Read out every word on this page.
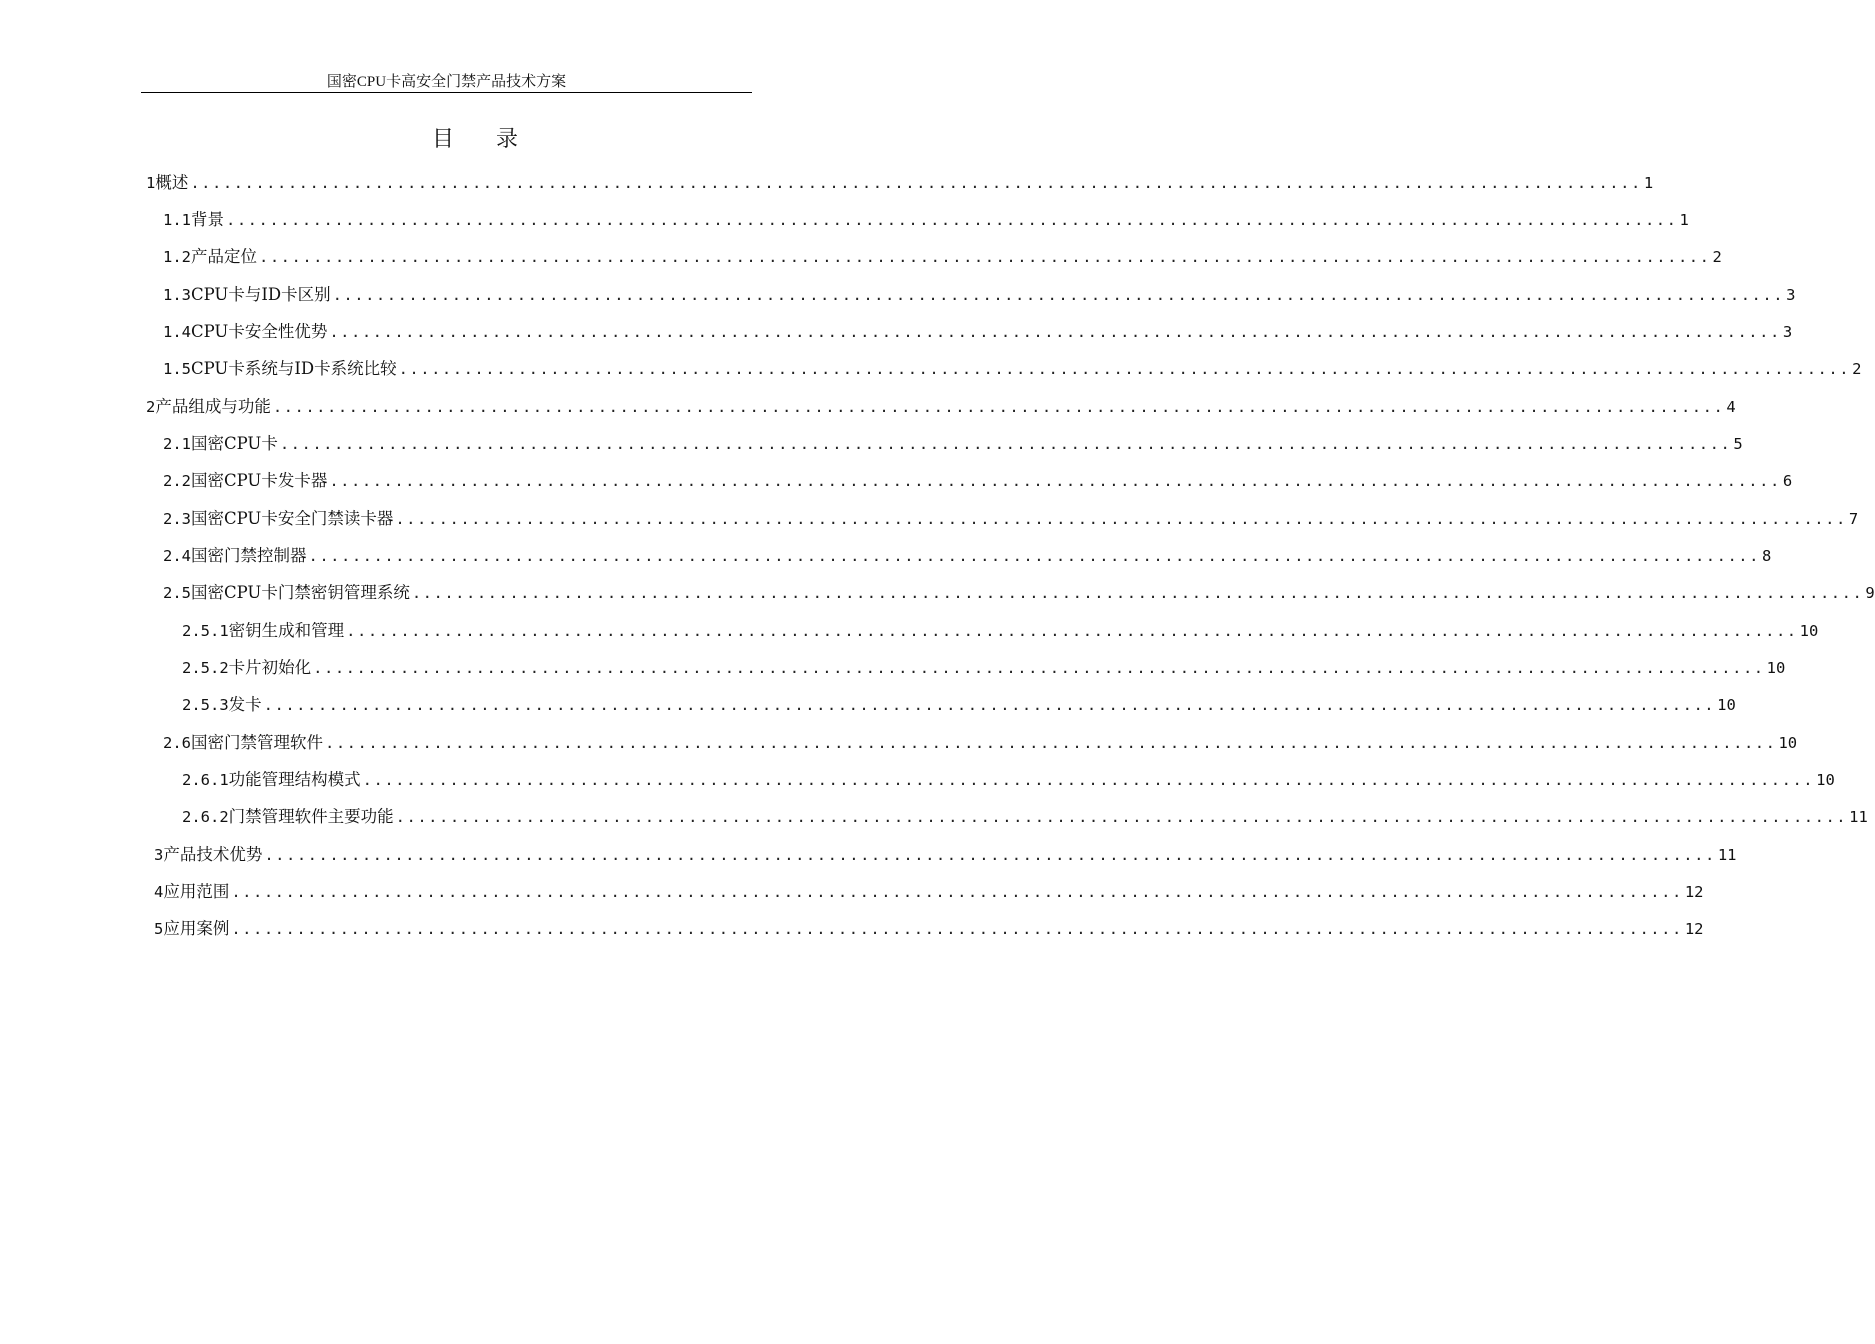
国密CPU卡高安全门禁产品技术方案
目 录
1 概述 ...................................................................................................................................... 1
1.1 背景 ...................................................................................................................................... 1
1.2 产品定位 ...................................................................................................................................... 2
1.3 CPU卡与ID卡区别 ...................................................................................................................................... 3
1.4 CPU卡安全性优势 ...................................................................................................................................... 3
1.5 CPU卡系统与ID卡系统比较 ...................................................................................................................................... 2
2 产品组成与功能 ...................................................................................................................................... 4
2.1 国密CPU卡 ...................................................................................................................................... 5
2.2 国密CPU卡发卡器 ...................................................................................................................................... 6
2.3 国密CPU卡安全门禁读卡器 ...................................................................................................................................... 7
2.4 国密门禁控制器 ...................................................................................................................................... 8
2.5 国密CPU卡门禁密钥管理系统 ...................................................................................................................................... 9
2.5.1 密钥生成和管理 ...................................................................................................................................... 10
2.5.2 卡片初始化 ...................................................................................................................................... 10
2.5.3 发卡 ...................................................................................................................................... 10
2.6 国密门禁管理软件 ...................................................................................................................................... 10
2.6.1 功能管理结构模式 ...................................................................................................................................... 10
2.6.2 门禁管理软件主要功能 ...................................................................................................................................... 11
3 产品技术优势 ...................................................................................................................................... 11
4 应用范围 ...................................................................................................................................... 12
5 应用案例 ...................................................................................................................................... 12
